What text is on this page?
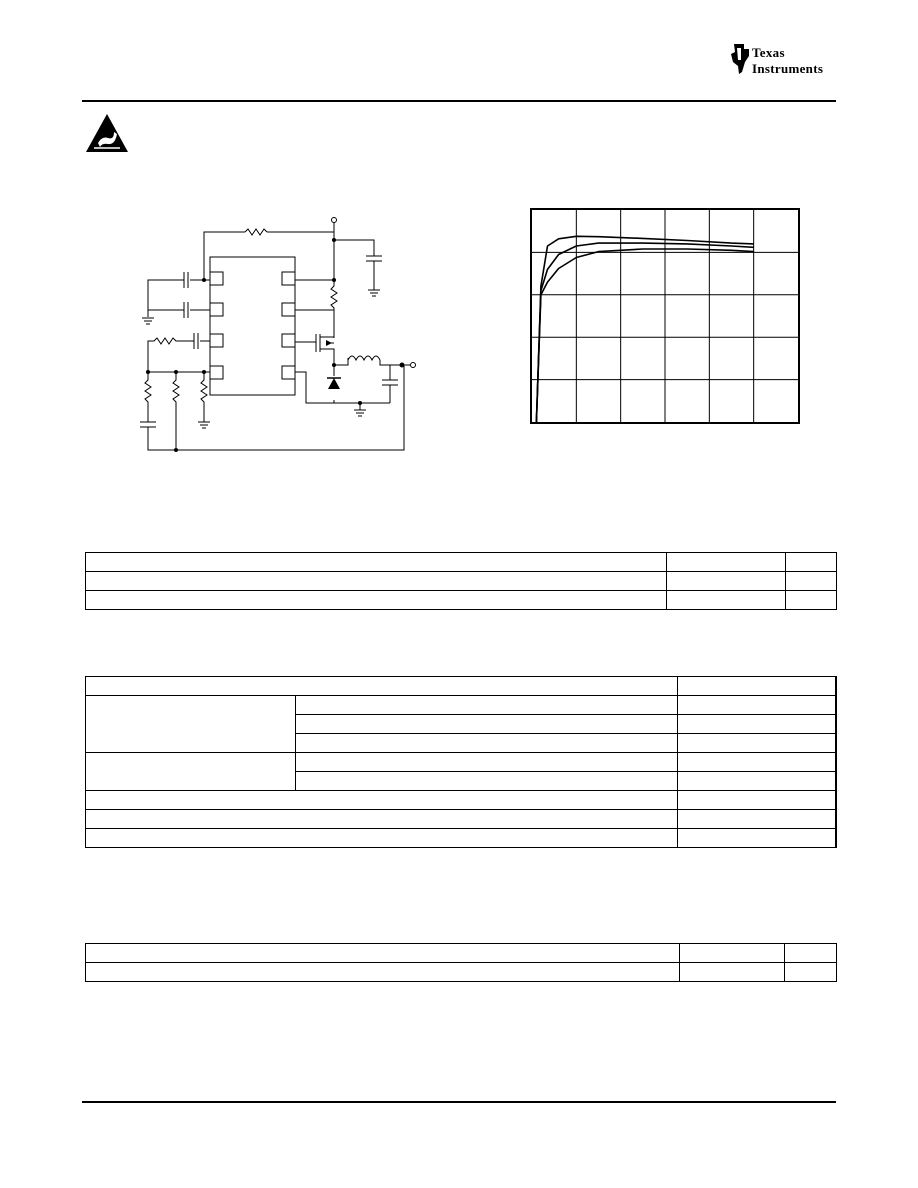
Texas
Instruments
